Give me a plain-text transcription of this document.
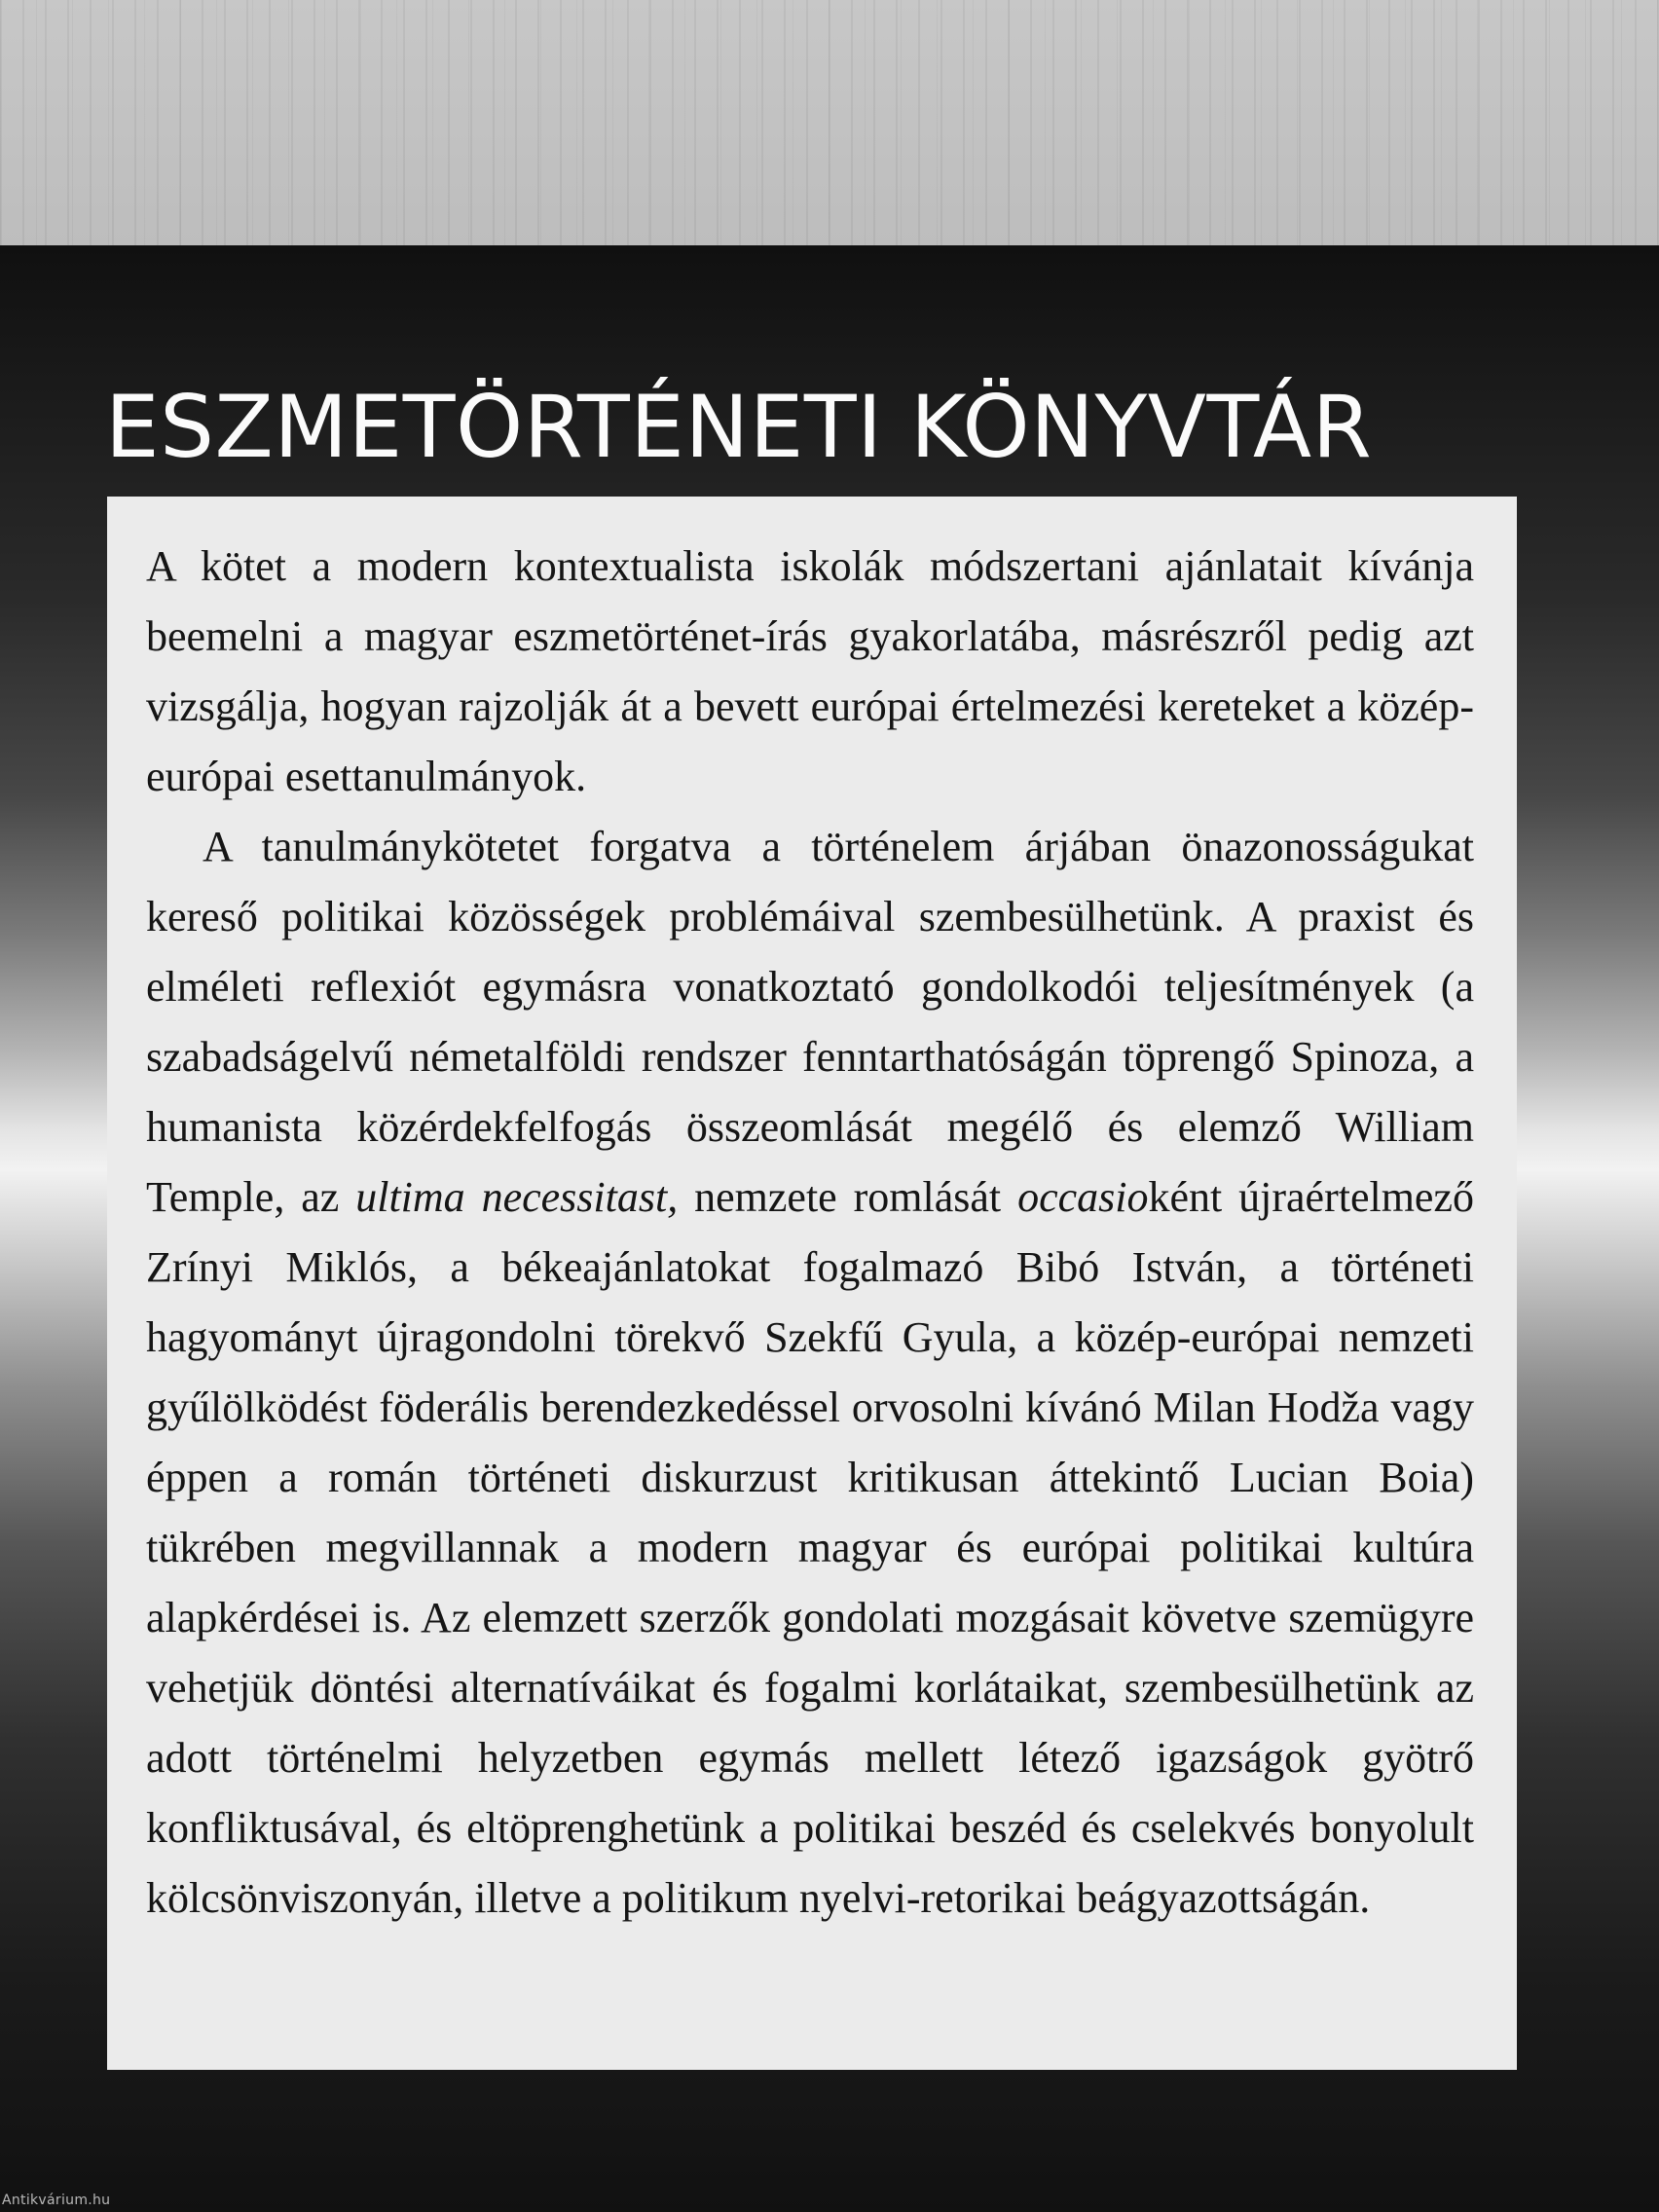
ESZMETÖRTÉNETI KÖNYVTÁR

A kötet a modern kontextualista iskolák módszertani ajánlatait kívánja beemelni a magyar eszmetörténet-írás gyakorlatába, másrészről pedig azt vizsgálja, hogyan rajzolják át a bevett európai értelmezési kereteket a közép-európai esettanulmányok.

A tanulmánykötetet forgatva a történelem árjában önazonosságukat kereső politikai közösségek problémáival szembesülhetünk. A praxist és elméleti reflexiót egymásra vonatkoztató gondolkodói teljesítmények (a szabadságelvű németalföldi rendszer fenntarthatóságán töprengő Spinoza, a humanista közérdekfelfogás összeomlását megélő és elemző William Temple, az ultima necessitast, nemzete romlását occasioként újraértelmező Zrínyi Miklós, a békeajánlatokat fogalmazó Bibó István, a történeti hagyományt újragondolni törekvő Szekfű Gyula, a közép-európai nemzeti gyűlölködést föderális berendezkedéssel orvosolni kívánó Milan Hodža vagy éppen a román történeti diskurzust kritikusan áttekintő Lucian Boia) tükrében megvillannak a modern magyar és európai politikai kultúra alapkérdései is. Az elemzett szerzők gondolati mozgásait követve szemügyre vehetjük döntési alternatíváikat és fogalmi korlátaikat, szembesülhetünk az adott történelmi helyzetben egymás mellett létező igazságok gyötrő konfliktusával, és eltöprenghetünk a politikai beszéd és cselekvés bonyolult kölcsönviszonyán, illetve a politikum nyelvi-retorikai beágyazottságán.

Antikvárium.hu
